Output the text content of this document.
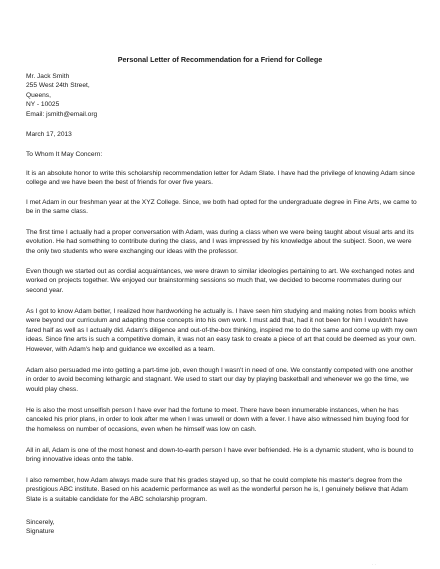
Personal Letter of Recommendation for a Friend for College
Mr. Jack Smith
255 West 24th Street,
Queens,
NY - 10025
Email: jsmith@email.org
March 17, 2013
To Whom It May Concern:

It is an absolute honor to write this scholarship recommendation letter for Adam Slate. I have had the privilege of knowing Adam since college and we have been the best of friends for over five years.

I met Adam in our freshman year at the XYZ College. Since, we both had opted for the undergraduate degree in Fine Arts, we came to be in the same class.

The first time I actually had a proper conversation with Adam, was during a class when we were being taught about visual arts and its evolution. He had something to contribute during the class, and I was impressed by his knowledge about the subject. Soon, we were the only two students who were exchanging our ideas with the professor.

Even though we started out as cordial acquaintances, we were drawn to similar ideologies pertaining to art. We exchanged notes and worked on projects together. We enjoyed our brainstorming sessions so much that, we decided to become roommates during our second year.

As I got to know Adam better, I realized how hardworking he actually is. I have seen him studying and making notes from books which were beyond our curriculum and adapting those concepts into his own work. I must add that, had it not been for him I wouldn't have fared half as well as I actually did. Adam's diligence and out-of-the-box thinking, inspired me to do the same and come up with my own ideas. Since fine arts is such a competitive domain, it was not an easy task to create a piece of art that could be deemed as your own. However, with Adam's help and guidance we excelled as a team.

Adam also persuaded me into getting a part-time job, even though I wasn't in need of one. We constantly competed with one another in order to avoid becoming lethargic and stagnant. We used to start our day by playing basketball and whenever we go the time, we would play chess.

He is also the most unselfish person I have ever had the fortune to meet. There have been innumerable instances, when he has canceled his prior plans, in order to look after me when I was unwell or down with a fever. I have also witnessed him buying food for the homeless on number of occasions, even when he himself was low on cash.

All in all, Adam is one of the most honest and down-to-earth person I have ever befriended. He is a dynamic student, who is bound to bring innovative ideas onto the table.

I also remember, how Adam always made sure that his grades stayed up, so that he could complete his master's degree from the prestigious ABC institute. Based on his academic performance as well as the wonderful person he is, I genuinely believe that Adam Slate is a suitable candidate for the ABC scholarship program.

Sincerely,
Signature
· ·
